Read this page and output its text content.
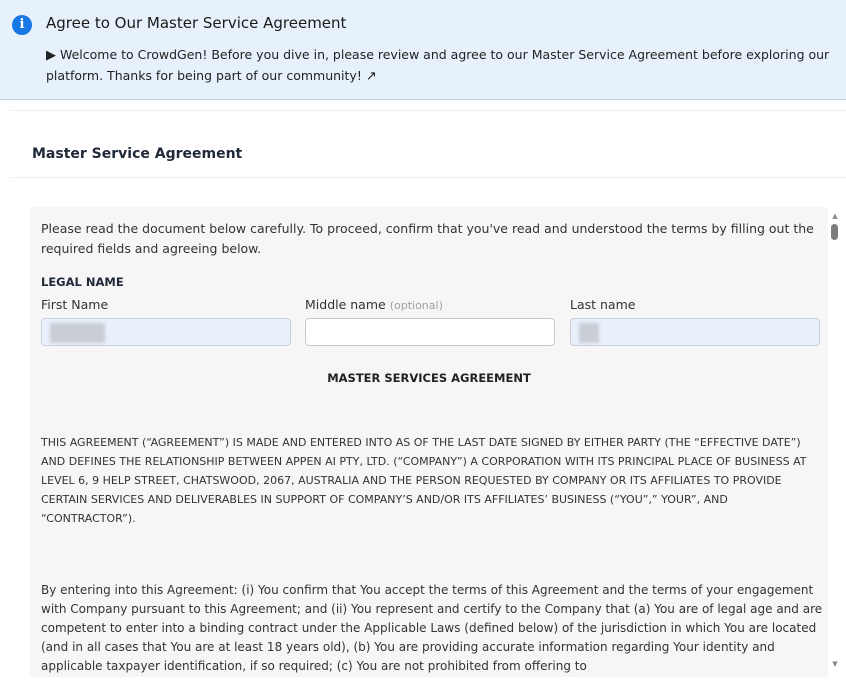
i	Agree to Our Master Service Agreement
▶ Welcome to CrowdGen! Before you dive in, please review and agree to our Master Service Agreement before exploring our platform. Thanks for being part of our community! ↗
Master Service Agreement
Please read the document below carefully. To proceed, confirm that you've read and understood the terms by filling out the required fields and agreeing below.
LEGAL NAME
First Name	Middle name (optional)	Last name
MASTER SERVICES AGREEMENT
THIS AGREEMENT (“AGREEMENT”) IS MADE AND ENTERED INTO AS OF THE LAST DATE SIGNED BY EITHER PARTY (THE “EFFECTIVE DATE”) AND DEFINES THE RELATIONSHIP BETWEEN APPEN AI PTY, LTD. (“COMPANY”) A CORPORATION WITH ITS PRINCIPAL PLACE OF BUSINESS AT LEVEL 6, 9 HELP STREET, CHATSWOOD, 2067, AUSTRALIA AND THE PERSON REQUESTED BY COMPANY OR ITS AFFILIATES TO PROVIDE CERTAIN SERVICES AND DELIVERABLES IN SUPPORT OF COMPANY’S AND/OR ITS AFFILIATES’ BUSINESS (“YOU”,” YOUR”, AND “CONTRACTOR”).
By entering into this Agreement: (i) You confirm that You accept the terms of this Agreement and the terms of your engagement with Company pursuant to this Agreement; and (ii) You represent and certify to the Company that (a) You are of legal age and are competent to enter into a binding contract under the Applicable Laws (defined below) of the jurisdiction in which You are located (and in all cases that You are at least 18 years old), (b) You are providing accurate information regarding Your identity and applicable taxpayer identification, if so required; (c) You are not prohibited from offering to
▲
▼
